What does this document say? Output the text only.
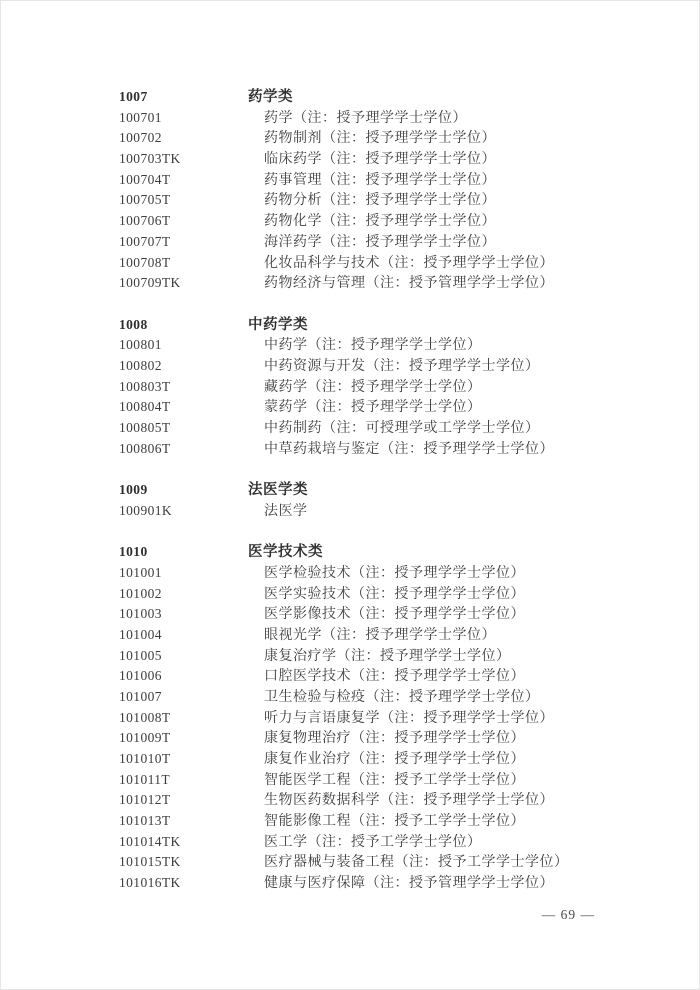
1007	药学类
100701	药学（注：授予理学学士学位）
100702	药物制剂（注：授予理学学士学位）
100703TK	临床药学（注：授予理学学士学位）
100704T	药事管理（注：授予理学学士学位）
100705T	药物分析（注：授予理学学士学位）
100706T	药物化学（注：授予理学学士学位）
100707T	海洋药学（注：授予理学学士学位）
100708T	化妆品科学与技术（注：授予理学学士学位）
100709TK	药物经济与管理（注：授予管理学学士学位）
1008	中药学类
100801	中药学（注：授予理学学士学位）
100802	中药资源与开发（注：授予理学学士学位）
100803T	藏药学（注：授予理学学士学位）
100804T	蒙药学（注：授予理学学士学位）
100805T	中药制药（注：可授理学或工学学士学位）
100806T	中草药栽培与鉴定（注：授予理学学士学位）
1009	法医学类
100901K	法医学
1010	医学技术类
101001	医学检验技术（注：授予理学学士学位）
101002	医学实验技术（注：授予理学学士学位）
101003	医学影像技术（注：授予理学学士学位）
101004	眼视光学（注：授予理学学士学位）
101005	康复治疗学（注：授予理学学士学位）
101006	口腔医学技术（注：授予理学学士学位）
101007	卫生检验与检疫（注：授予理学学士学位）
101008T	听力与言语康复学（注：授予理学学士学位）
101009T	康复物理治疗（注：授予理学学士学位）
101010T	康复作业治疗（注：授予理学学士学位）
101011T	智能医学工程（注：授予工学学士学位）
101012T	生物医药数据科学（注：授予理学学士学位）
101013T	智能影像工程（注：授予工学学士学位）
101014TK	医工学（注：授予工学学士学位）
101015TK	医疗器械与装备工程（注：授予工学学士学位）
101016TK	健康与医疗保障（注：授予管理学学士学位）
— 69 —
